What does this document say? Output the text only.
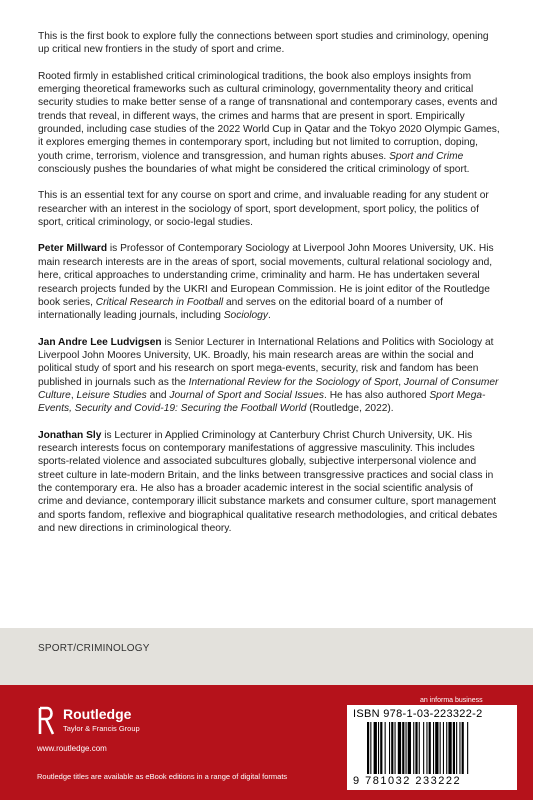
This is the first book to explore fully the connections between sport studies and criminology, opening up critical new frontiers in the study of sport and crime.

Rooted firmly in established critical criminological traditions, the book also employs insights from emerging theoretical frameworks such as cultural criminology, governmentality theory and critical security studies to make better sense of a range of transnational and contemporary cases, events and trends that reveal, in different ways, the crimes and harms that are present in sport. Empirically grounded, including case studies of the 2022 World Cup in Qatar and the Tokyo 2020 Olympic Games, it explores emerging themes in contemporary sport, including but not limited to corruption, doping, youth crime, terrorism, violence and transgression, and human rights abuses. Sport and Crime consciously pushes the boundaries of what might be considered the critical criminology of sport.

This is an essential text for any course on sport and crime, and invaluable reading for any student or researcher with an interest in the sociology of sport, sport development, sport policy, the politics of sport, critical criminology, or socio-legal studies.

Peter Millward is Professor of Contemporary Sociology at Liverpool John Moores University, UK. His main research interests are in the areas of sport, social movements, cultural relational sociology and, here, critical approaches to understanding crime, criminality and harm. He has undertaken several research projects funded by the UKRI and European Commission. He is joint editor of the Routledge book series, Critical Research in Football and serves on the editorial board of a number of internationally leading journals, including Sociology.

Jan Andre Lee Ludvigsen is Senior Lecturer in International Relations and Politics with Sociology at Liverpool John Moores University, UK. Broadly, his main research areas are within the social and political study of sport and his research on sport mega-events, security, risk and fandom has been published in journals such as the International Review for the Sociology of Sport, Journal of Consumer Culture, Leisure Studies and Journal of Sport and Social Issues. He has also authored Sport Mega-Events, Security and Covid-19: Securing the Football World (Routledge, 2022).

Jonathan Sly is Lecturer in Applied Criminology at Canterbury Christ Church University, UK. His research interests focus on contemporary manifestations of aggressive masculinity. This includes sports-related violence and associated subcultures globally, subjective interpersonal violence and street culture in late-modern Britain, and the links between transgressive practices and social class in the contemporary era. He also has a broader academic interest in the social scientific analysis of crime and deviance, contemporary illicit substance markets and consumer culture, sport management and sports fandom, reflexive and biographical qualitative research methodologies, and critical debates and new directions in criminological theory.

SPORT/CRIMINOLOGY
Routledge
Taylor & Francis Group
www.routledge.com
Routledge titles are available as eBook editions in a range of digital formats
an informa business
ISBN 978-1-03-223322-2
9 781032 233222
